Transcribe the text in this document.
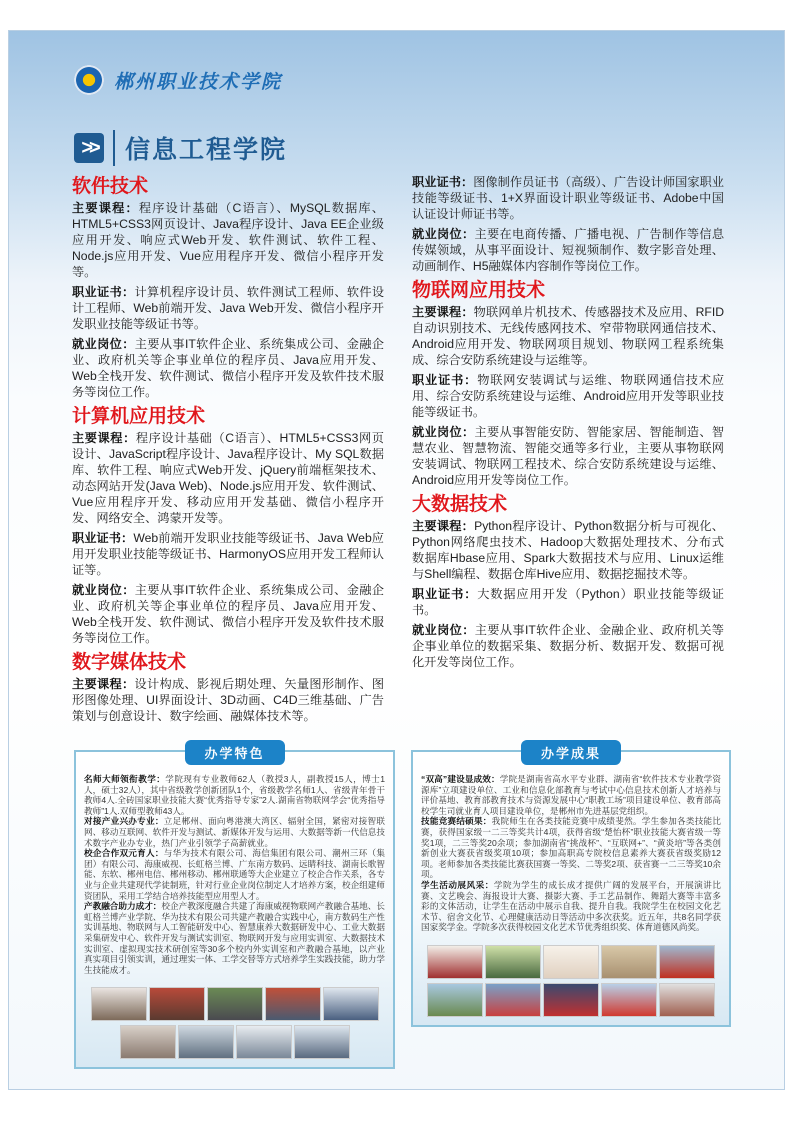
郴州职业技术学院
>> 信息工程学院
软件技术
主要课程：程序设计基础（C语言）、MySQL数据库、HTML5+CSS3网页设计、Java程序设计、Java EE企业级应用开发、响应式Web开发、软件测试、软件工程、Node.js应用开发、Vue应用程序开发、微信小程序开发等。
职业证书：计算机程序设计员、软件测试工程师、软件设计工程师、Web前端开发、Java Web开发、微信小程序开发职业技能等级证书等。
就业岗位：主要从事IT软件企业、系统集成公司、金融企业、政府机关等企事业单位的程序员、Java应用开发、Web全栈开发、软件测试、微信小程序开发及软件技术服务等岗位工作。
计算机应用技术
主要课程：程序设计基础（C语言）、HTML5+CSS3网页设计、JavaScript程序设计、Java程序设计、My SQL数据库、软件工程、响应式Web开发、jQuery前端框架技术、动态网站开发(Java Web)、Node.js应用开发、软件测试、Vue应用程序开发、移动应用开发基础、微信小程序开发、网络安全、鸿蒙开发等。
职业证书：Web前端开发职业技能等级证书、Java Web应用开发职业技能等级证书、HarmonyOS应用开发工程师认证等。
就业岗位：主要从事IT软件企业、系统集成公司、金融企业、政府机关等企事业单位的程序员、Java应用开发、Web全栈开发、软件测试、微信小程序开发及软件技术服务等岗位工作。
数字媒体技术
主要课程：设计构成、影视后期处理、矢量图形制作、图形图像处理、UI界面设计、3D动画、C4D三维基础、广告策划与创意设计、数字绘画、融媒体技术等。
职业证书：图像制作员证书（高级）、广告设计师国家职业技能等级证书、1+X界面设计职业等级证书、Adobe中国认证设计师证书等。
就业岗位：主要在电商传播、广播电视、广告制作等信息传媒领域，从事平面设计、短视频制作、数字影音处理、动画制作、H5融媒体内容制作等岗位工作。
物联网应用技术
主要课程：物联网单片机技术、传感器技术及应用、RFID自动识别技术、无线传感网技术、窄带物联网通信技术、Android应用开发、物联网项目规划、物联网工程系统集成、综合安防系统建设与运维等。
职业证书：物联网安装调试与运维、物联网通信技术应用、综合安防系统建设与运维、Android应用开发等职业技能等级证书。
就业岗位：主要从事智能安防、智能家居、智能制造、智慧农业、智慧物流、智能交通等多行业，主要从事物联网安装调试、物联网工程技术、综合安防系统建设与运维、Android应用开发等岗位工作。
大数据技术
主要课程：Python程序设计、Python数据分析与可视化、Python网络爬虫技术、Hadoop大数据处理技术、分布式数据库Hbase应用、Spark大数据技术与应用、Linux运维与Shell编程、数据仓库Hive应用、数据挖掘技术等。
职业证书：大数据应用开发（Python）职业技能等级证书。
就业岗位：主要从事IT软件企业、金融企业、政府机关等企事业单位的数据采集、数据分析、数据开发、数据可视化开发等岗位工作。
办学特色
名师大师领衔教学：学院现有专业教师62人（教授3人，副教授15人，博士1人，硕士32人），其中省级教学创新团队1个，省级教学名师1人、省级青年骨干教师4人.全砖国家职业技能大赛“优秀指导专家”2人.湖南省物联网学会“优秀指导教师”1人.双师型教师43人。
对接产业兴办专业：立足郴州、面向粤港澳大湾区、辐射全国，紧密对接智联网、移动互联网、软件开发与测试、新媒体开发与运用、大数据等新一代信息技术数字产业办专业，热门产业引领学子高薪就业。
校企合作双元育人：与华为技术有限公司、海信集团有限公司、潮州三环（集团）有限公司、海康威视、长虹格兰博、广东南方数码、远睛科技、湖南长歌智能、东软、郴州电信、郴州移动、郴州联通等大企业建立了校企合作关系，各专业与企业共建现代学徒制班，针对行业企业岗位制定人才培养方案，校企组建师资团队，采用工学结合培养技能型应用型人才。
产教融合助力成才：校企产教深度融合共建了海康威视物联网产教融合基地、长虹格兰博产业学院、华为技术有限公司共建产教融合实践中心，南方数码生产性实训基地、物联网与人工智能研发中心、智慧康养大数据研发中心、工业大数据采集研发中心、软件开发与测试实训室、物联网开发与应用实训室、大数据技术实训室、虚拟现实技术研创室等30多个校内外实训室和产教融合基地，以产业真实项目引领实训，通过理实一体、工学交替等方式培养学生实践技能，助力学生技能成才。
办学成果
“双高”建设显成效：学院是湖南省高水平专业群、湖南省“软件技术专业教学资源库”立项建设单位、工业和信息化部教育与考试中心信息技术创新人才培养与评价基地、教育部教育技术与资源发展中心“职教工场”项目建设单位、教育部高校学生司就业育人项目建设单位，是郴州市先进基层党组织。
技能竞赛结硕果：我院师生在各类技能竞赛中成绩斐然。学生参加各类技能比赛，获得国家级一二三等奖共计4项，获得省级“楚怡杯”职业技能大赛省级一等奖1项，二三等奖20余项；参加湖南省“挑战杯”、“互联网+”、“黄炎培”等各类创新创业大赛获省级奖项10项；参加高职高专院校信息素养大赛获省级奖励12项。老师参加各类技能比赛获国赛一等奖、二等奖2项、获省赛一二三等奖10余项。
学生活动展风采：学院为学生的成长成才提供广阔的发展平台，开展演讲比赛、文艺晚会、海报设计大赛、摄影大赛、手工艺品制作、舞蹈大赛等丰富多彩的文体活动，让学生在活动中展示自我、提升自我。我院学生在校园文化艺术节、宿舍文化节、心理健康活动日等活动中多次获奖。近五年，共8名同学获国家奖学金。学院多次获得校园文化艺术节优秀组织奖、体育道德风尚奖。
